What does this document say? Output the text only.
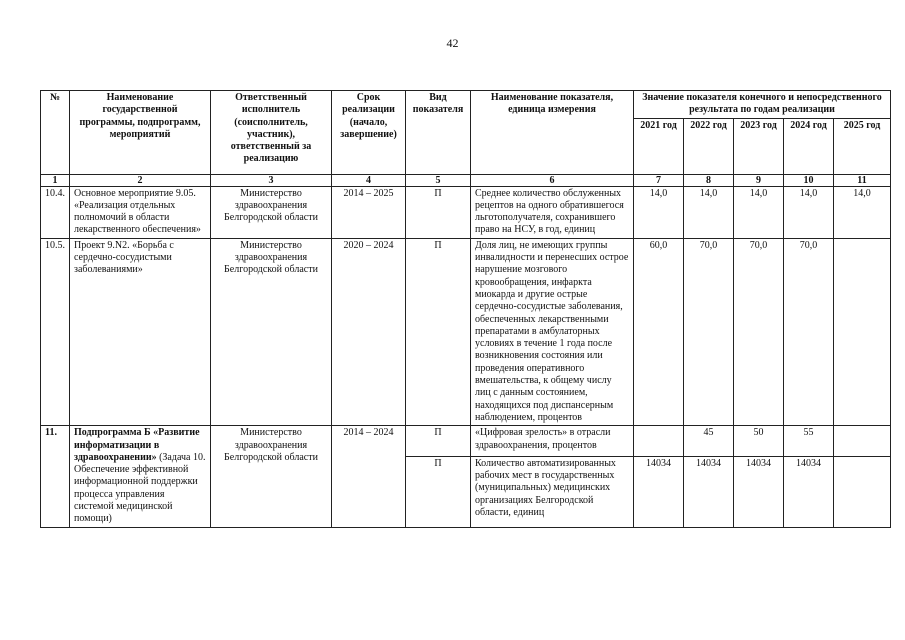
42
№	Наименование государственной программы, подпрограмм, мероприятий	Ответственный исполнитель (соисполнитель, участник), ответственный за реализацию	Срок реализации (начало, завершение)	Вид показателя	Наименование показателя, единица измерения	Значение показателя конечного и непосредственного результата по годам реализации				
						2021 год	2022 год	2023 год	2024 год	2025 год
1	2	3	4	5	6	7	8	9	10	11
10.4.	Основное мероприятие 9.05. «Реализация отдельных полномочий в области лекарственного обеспечения»	Министерство здравоохранения Белгородской области	2014 – 2025	П	Среднее количество обслуженных рецептов на одного обратившегося льготополучателя, сохранившего право на НСУ, в год, единиц	14,0	14,0	14,0	14,0	14,0
10.5.	Проект 9.N2. «Борьба с сердечно-сосудистыми заболеваниями»	Министерство здравоохранения Белгородской области	2020 – 2024	П	Доля лиц, не имеющих группы инвалидности и перенесших острое нарушение мозгового кровообращения, инфаркта миокарда и другие острые сердечно-сосудистые заболевания, обеспеченных лекарственными препаратами в амбулаторных условиях в течение 1 года после возникновения состояния или проведения оперативного вмешательства, к общему числу лиц с данным состоянием, находящихся под диспансерным наблюдением, процентов	60,0	70,0	70,0	70,0	
11.	Подпрограмма Б «Развитие информатизации в здравоохранении» (Задача 10. Обеспечение эффективной информационной поддержки процесса управления системой медицинской помощи)	Министерство здравоохранения Белгородской области	2014 – 2024	П	«Цифровая зрелость» в отрасли здравоохранения, процентов		45	50	55	
				П	Количество автоматизированных рабочих мест в государственных (муниципальных) медицинских организациях Белгородской области, единиц	14034	14034	14034	14034	
